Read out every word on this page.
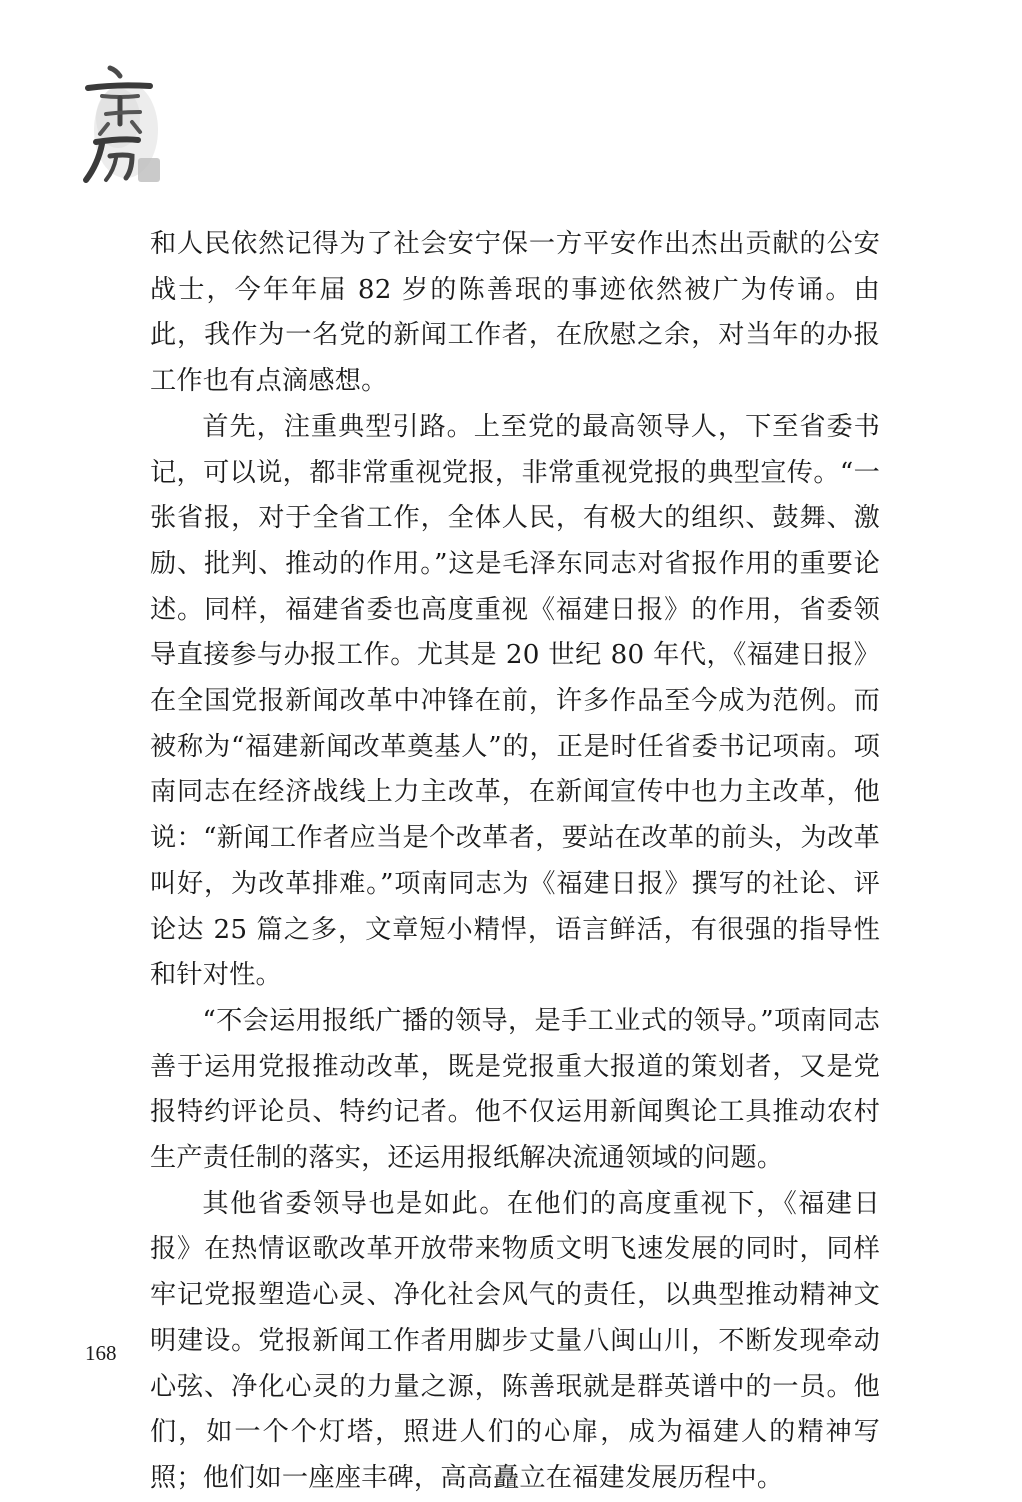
和人民依然记得为了社会安宁保一方平安作出杰出贡献的公安战士，今年年届 82 岁的陈善珉的事迹依然被广为传诵。由此，我作为一名党的新闻工作者，在欣慰之余，对当年的办报工作也有点滴感想。

首先，注重典型引路。上至党的最高领导人，下至省委书记，可以说，都非常重视党报，非常重视党报的典型宣传。“一张省报，对于全省工作，全体人民，有极大的组织、鼓舞、激励、批判、推动的作用。”这是毛泽东同志对省报作用的重要论述。同样，福建省委也高度重视《福建日报》的作用，省委领导直接参与办报工作。尤其是 20 世纪 80 年代，《福建日报》在全国党报新闻改革中冲锋在前，许多作品至今成为范例。而被称为“福建新闻改革奠基人”的，正是时任省委书记项南。项南同志在经济战线上力主改革，在新闻宣传中也力主改革，他说：“新闻工作者应当是个改革者，要站在改革的前头，为改革叫好，为改革排难。”项南同志为《福建日报》撰写的社论、评论达 25 篇之多，文章短小精悍，语言鲜活，有很强的指导性和针对性。

“不会运用报纸广播的领导，是手工业式的领导。”项南同志善于运用党报推动改革，既是党报重大报道的策划者，又是党报特约评论员、特约记者。他不仅运用新闻舆论工具推动农村生产责任制的落实，还运用报纸解决流通领域的问题。

其他省委领导也是如此。在他们的高度重视下，《福建日报》在热情讴歌改革开放带来物质文明飞速发展的同时，同样牢记党报塑造心灵、净化社会风气的责任，以典型推动精神文明建设。党报新闻工作者用脚步丈量八闽山川，不断发现牵动心弦、净化心灵的力量之源，陈善珉就是群英谱中的一员。他们，如一个个灯塔，照进人们的心扉，成为福建人的精神写照；他们如一座座丰碑，高高矗立在福建发展历程中。

168
